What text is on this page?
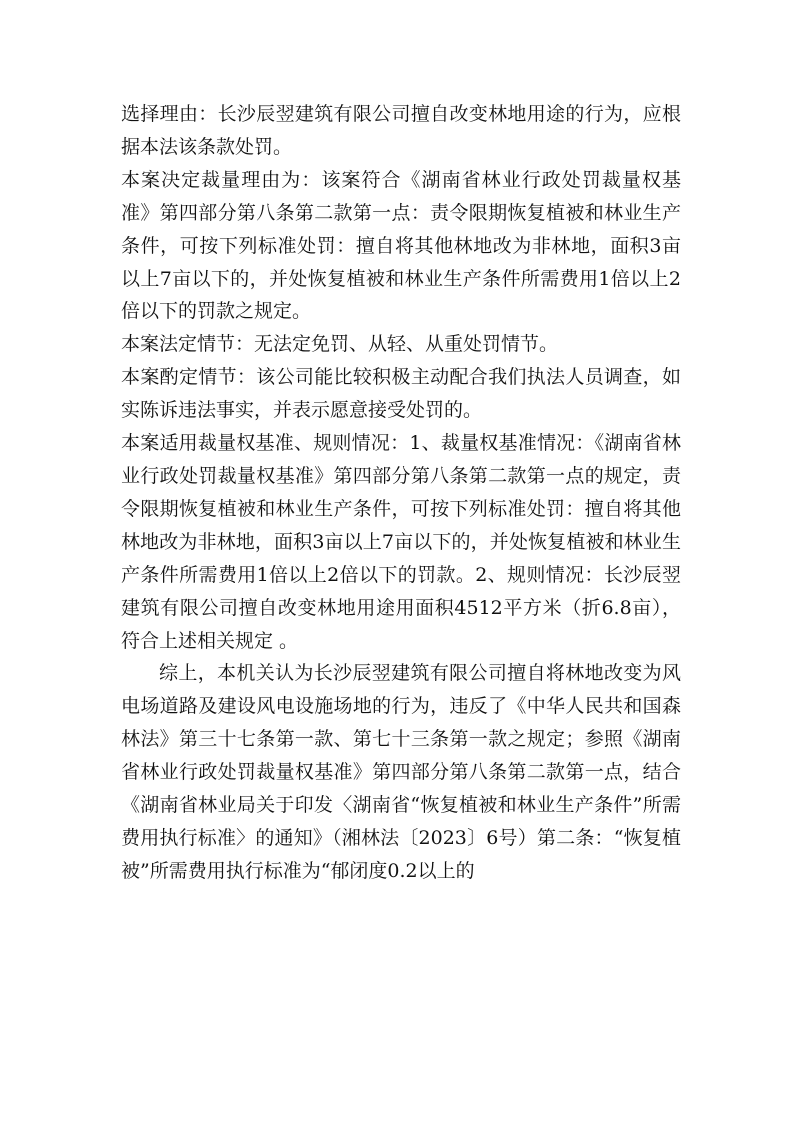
选择理由：长沙辰翌建筑有限公司擅自改变林地用途的行为，应根据本法该条款处罚。

本案决定裁量理由为：该案符合《湖南省林业行政处罚裁量权基准》第四部分第八条第二款第一点：责令限期恢复植被和林业生产条件，可按下列标准处罚：擅自将其他林地改为非林地，面积3亩以上7亩以下的，并处恢复植被和林业生产条件所需费用1倍以上2倍以下的罚款之规定。

本案法定情节：无法定免罚、从轻、从重处罚情节。

本案酌定情节：该公司能比较积极主动配合我们执法人员调查，如实陈诉违法事实，并表示愿意接受处罚的。

本案适用裁量权基准、规则情况：1、裁量权基准情况：《湖南省林业行政处罚裁量权基准》第四部分第八条第二款第一点的规定，责令限期恢复植被和林业生产条件，可按下列标准处罚：擅自将其他林地改为非林地，面积3亩以上7亩以下的，并处恢复植被和林业生产条件所需费用1倍以上2倍以下的罚款。2、规则情况：长沙辰翌建筑有限公司擅自改变林地用途用面积4512平方米（折6.8亩），符合上述相关规定 。

综上，本机关认为长沙辰翌建筑有限公司擅自将林地改变为风电场道路及建设风电设施场地的行为，违反了《中华人民共和国森林法》第三十七条第一款、第七十三条第一款之规定；参照《湖南省林业行政处罚裁量权基准》第四部分第八条第二款第一点，结合《湖南省林业局关于印发〈湖南省“恢复植被和林业生产条件”所需费用执行标准〉的通知》（湘林法〔2023〕6号）第二条：“恢复植被”所需费用执行标准为“郁闭度0.2以上的
